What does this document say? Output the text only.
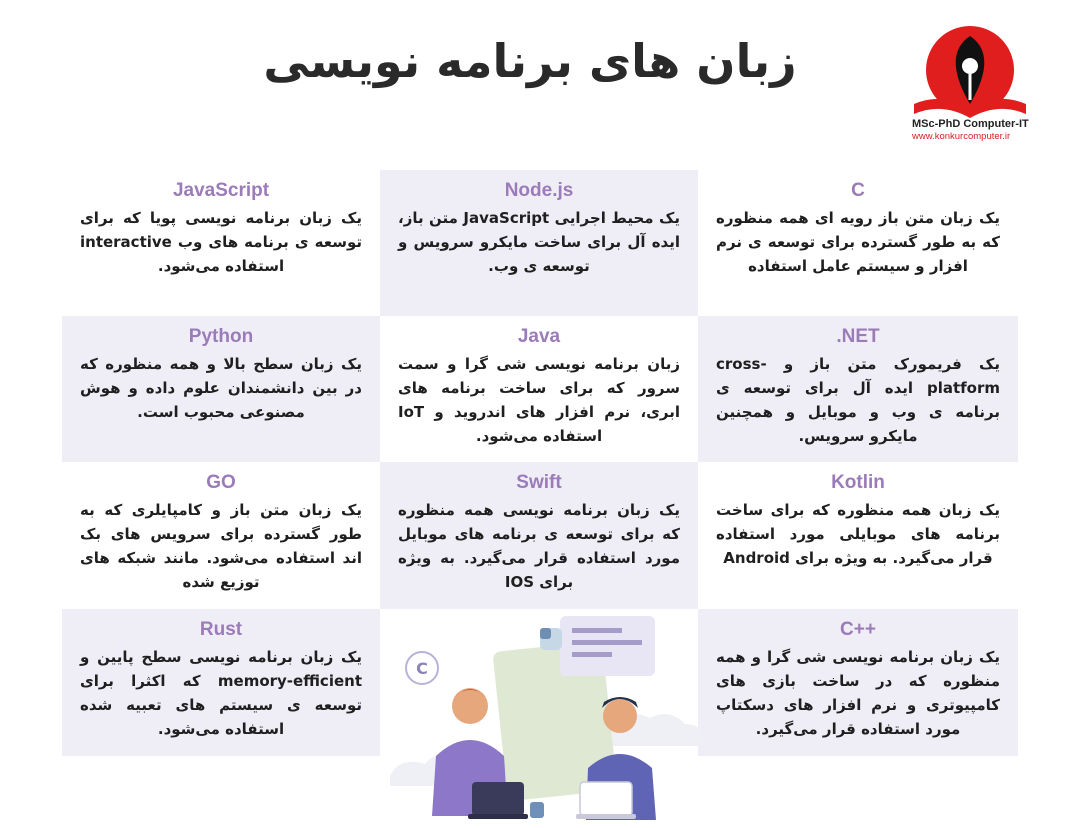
زبان های برنامه نویسی
MSc-PhD Computer-IT
www.konkurcomputer.ir
JavaScript
یک زبان برنامه نویسی پویا که برای توسعه ی برنامه های وب interactive استفاده می‌شود.
Node.js
یک محیط اجرایی JavaScript متن باز، ایده آل برای ساخت مایکرو سرویس و توسعه ی وب.
C
یک زبان متن باز رویه ای همه منظوره که به طور گسترده برای توسعه ی نرم افزار و سیستم عامل استفاده
Python
یک زبان سطح بالا و همه منظوره که در بین دانشمندان علوم داده و هوش مصنوعی محبوب است.
Java
زبان برنامه نویسی شی گرا و سمت سرور که برای ساخت برنامه های ابری، نرم افزار های اندروید و IoT استفاده می‌شود.
.NET
یک فریمورک متن باز و cross-platform ایده آل برای توسعه ی برنامه ی وب و موبایل و همچنین مایکرو سرویس.
GO
یک زبان متن باز و کامپایلری که به طور گسترده برای سرویس های بک اند استفاده می‌شود. مانند شبکه های توزیع شده
Swift
یک زبان برنامه نویسی همه منظوره که برای توسعه ی برنامه های موبایل مورد استفاده قرار می‌گیرد. به ویژه برای IOS
Kotlin
یک زبان همه منظوره که برای ساخت برنامه های موبایلی مورد استفاده قرار می‌گیرد. به ویژه برای Android
Rust
یک زبان برنامه نویسی سطح پایین و memory-efficient که اکثرا برای توسعه ی سیستم های تعبیه شده استفاده می‌شود.
C++
یک زبان برنامه نویسی شی گرا و همه منظوره که در ساخت بازی های کامپیوتری و نرم افزار های دسکتاپ مورد استفاده قرار می‌گیرد.
C
